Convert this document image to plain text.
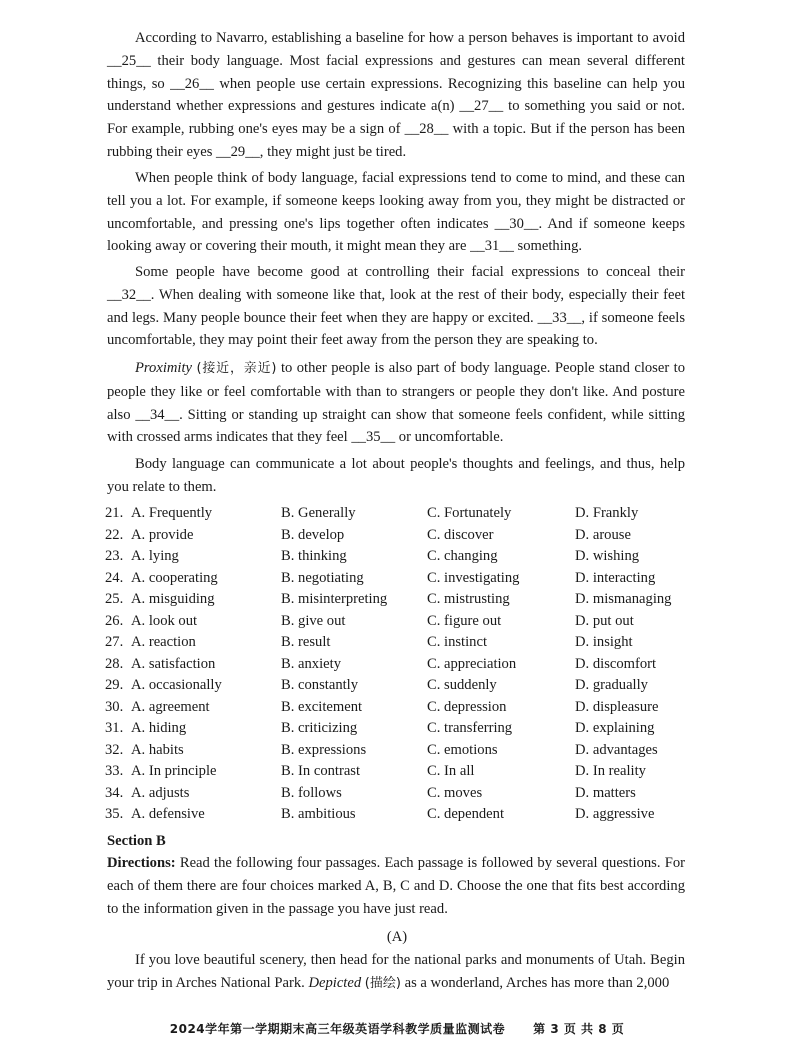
According to Navarro, establishing a baseline for how a person behaves is important to avoid __25__ their body language. Most facial expressions and gestures can mean several different things, so __26__ when people use certain expressions. Recognizing this baseline can help you understand whether expressions and gestures indicate a(n) __27__ to something you said or not. For example, rubbing one's eyes may be a sign of __28__ with a topic. But if the person has been rubbing their eyes __29__, they might just be tired.

When people think of body language, facial expressions tend to come to mind, and these can tell you a lot. For example, if someone keeps looking away from you, they might be distracted or uncomfortable, and pressing one's lips together often indicates __30__. And if someone keeps looking away or covering their mouth, it might mean they are __31__ something.

Some people have become good at controlling their facial expressions to conceal their __32__. When dealing with someone like that, look at the rest of their body, especially their feet and legs. Many people bounce their feet when they are happy or excited. __33__, if someone feels uncomfortable, they may point their feet away from the person they are speaking to.

Proximity (接近，亲近) to other people is also part of body language. People stand closer to people they like or feel comfortable with than to strangers or people they don't like. And posture also __34__. Sitting or standing up straight can show that someone feels confident, while sitting with crossed arms indicates that they feel __35__ or uncomfortable.

Body language can communicate a lot about people's thoughts and feelings, and thus, help you relate to them.

21. A. Frequently	B. Generally	C. Fortunately	D. Frankly
22. A. provide	B. develop	C. discover	D. arouse
23. A. lying	B. thinking	C. changing	D. wishing
24. A. cooperating	B. negotiating	C. investigating	D. interacting
25. A. misguiding	B. misinterpreting	C. mistrusting	D. mismanaging
26. A. look out	B. give out	C. figure out	D. put out
27. A. reaction	B. result	C. instinct	D. insight
28. A. satisfaction	B. anxiety	C. appreciation	D. discomfort
29. A. occasionally	B. constantly	C. suddenly	D. gradually
30. A. agreement	B. excitement	C. depression	D. displeasure
31. A. hiding	B. criticizing	C. transferring	D. explaining
32. A. habits	B. expressions	C. emotions	D. advantages
33. A. In principle	B. In contrast	C. In all	D. In reality
34. A. adjusts	B. follows	C. moves	D. matters
35. A. defensive	B. ambitious	C. dependent	D. aggressive
Section B

Directions: Read the following four passages. Each passage is followed by several questions. For each of them there are four choices marked A, B, C and D. Choose the one that fits best according to the information given in the passage you have just read.

(A)

If you love beautiful scenery, then head for the national parks and monuments of Utah. Begin your trip in Arches National Park. Depicted (描绘) as a wonderland, Arches has more than 2,000

2024学年第一学期期末高三年级英语学科教学质量监测试卷 第 3 页 共 8 页
